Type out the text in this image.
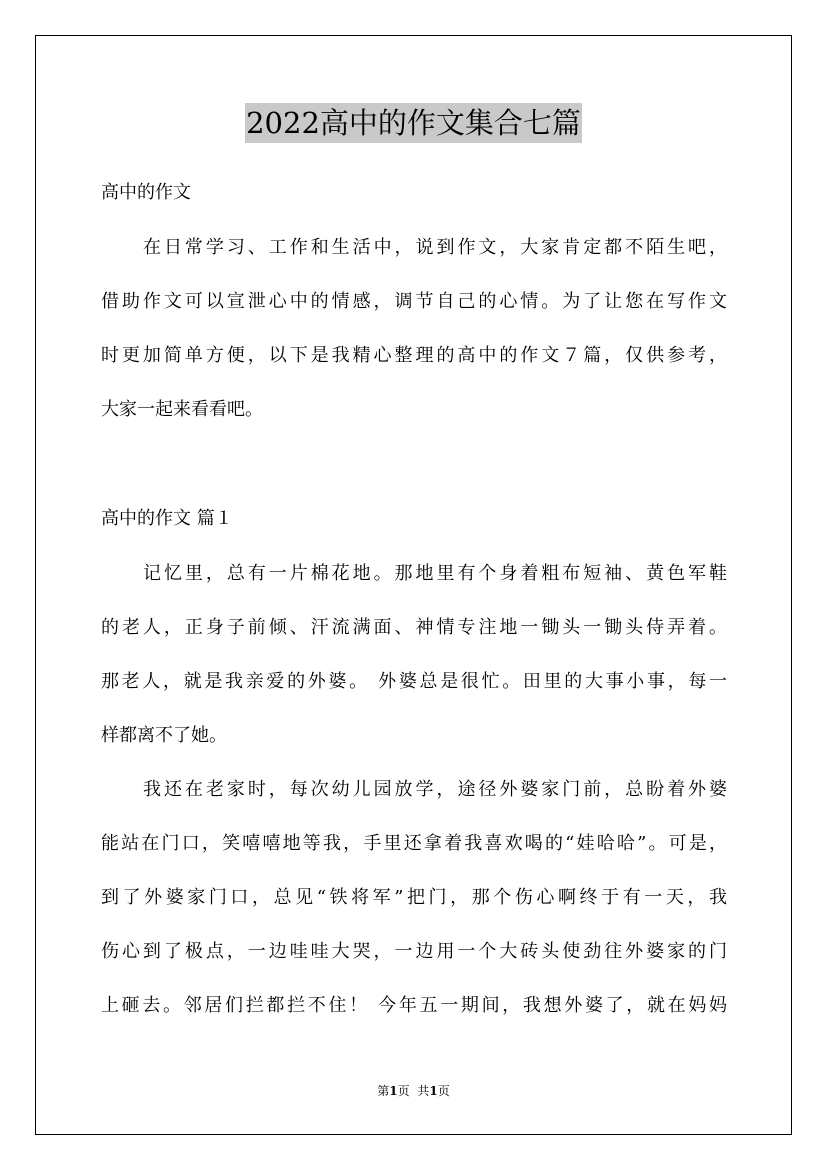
2022高中的作文集合七篇
高中的作文
在日常学习、工作和生活中，说到作文，大家肯定都不陌生吧，
借助作文可以宣泄心中的情感，调节自己的心情。为了让您在写作文
时更加简单方便，以下是我精心整理的高中的作文７篇，仅供参考，
大家一起来看看吧。
高中的作文 篇１
记忆里，总有一片棉花地。那地里有个身着粗布短袖、黄色军鞋
的老人，正身子前倾、汗流满面、神情专注地一锄头一锄头侍弄着。
那老人，就是我亲爱的外婆。 外婆总是很忙。田里的大事小事，每一
样都离不了她。
我还在老家时，每次幼儿园放学，途径外婆家门前，总盼着外婆
能站在门口，笑嘻嘻地等我，手里还拿着我喜欢喝的“娃哈哈”。可是，
到了外婆家门口，总见“铁将军”把门，那个伤心啊终于有一天，我
伤心到了极点，一边哇哇大哭，一边用一个大砖头使劲往外婆家的门
上砸去。邻居们拦都拦不住！ 今年五一期间，我想外婆了，就在妈妈
第1页 共1页
